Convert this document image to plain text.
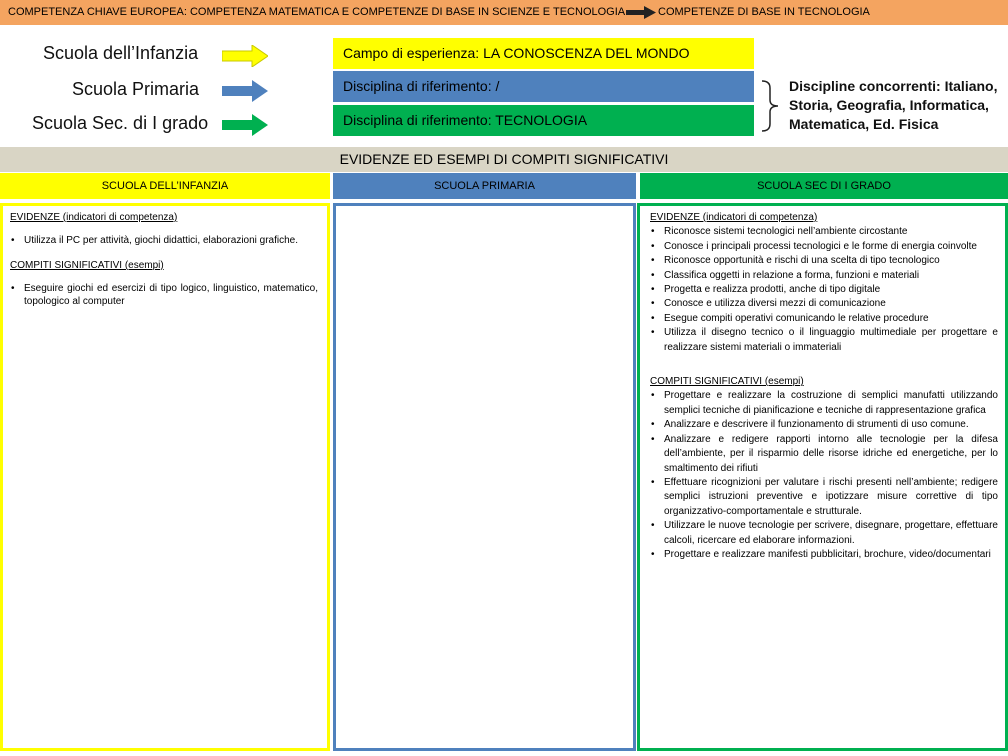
COMPETENZA CHIAVE EUROPEA: COMPETENZA MATEMATICA E COMPETENZE DI BASE IN SCIENZE E TECNOLOGIA	COMPETENZE DI BASE IN TECNOLOGIA
Scuola dell’Infanzia
Scuola Primaria
Scuola Sec. di I grado
Campo di esperienza: LA CONOSCENZA DEL MONDO
Disciplina di riferimento: /
Disciplina di riferimento: TECNOLOGIA
Discipline concorrenti: Italiano, Storia, Geografia, Informatica, Matematica, Ed. Fisica
EVIDENZE ED ESEMPI DI COMPITI SIGNIFICATIVI
SCUOLA DELL’INFANZIA	SCUOLA PRIMARIA	SCUOLA SEC DI I GRADO
EVIDENZE (indicatori di competenza)
• Utilizza il PC per attività, giochi didattici, elaborazioni grafiche.
COMPITI SIGNIFICATIVI (esempi)
• Eseguire giochi ed esercizi di tipo logico, linguistico, matematico, topologico al computer
EVIDENZE (indicatori di competenza)
• Riconosce sistemi tecnologici nell’ambiente circostante
• Conosce i principali processi tecnologici e le forme di energia coinvolte
• Riconosce opportunità e rischi di una scelta di tipo tecnologico
• Classifica oggetti in relazione a forma, funzioni e materiali
• Progetta e realizza prodotti, anche di tipo digitale
• Conosce e utilizza diversi mezzi di comunicazione
• Esegue compiti operativi comunicando le relative procedure
• Utilizza il disegno tecnico o il linguaggio multimediale per progettare e realizzare sistemi materiali o immateriali
COMPITI SIGNIFICATIVI (esempi)
• Progettare e realizzare la costruzione di semplici manufatti utilizzando semplici tecniche di pianificazione e tecniche di rappresentazione grafica
• Analizzare e descrivere il funzionamento di strumenti di uso comune.
• Analizzare e redigere rapporti intorno alle tecnologie per la difesa dell’ambiente, per il risparmio delle risorse idriche ed energetiche, per lo smaltimento dei rifiuti
• Effettuare ricognizioni per valutare i rischi presenti nell’ambiente; redigere semplici istruzioni preventive e ipotizzare misure correttive di tipo organizzativo-comportamentale e strutturale.
• Utilizzare le nuove tecnologie per scrivere, disegnare, progettare, effettuare calcoli, ricercare ed elaborare informazioni.
• Progettare e realizzare manifesti pubblicitari, brochure, video/documentari
